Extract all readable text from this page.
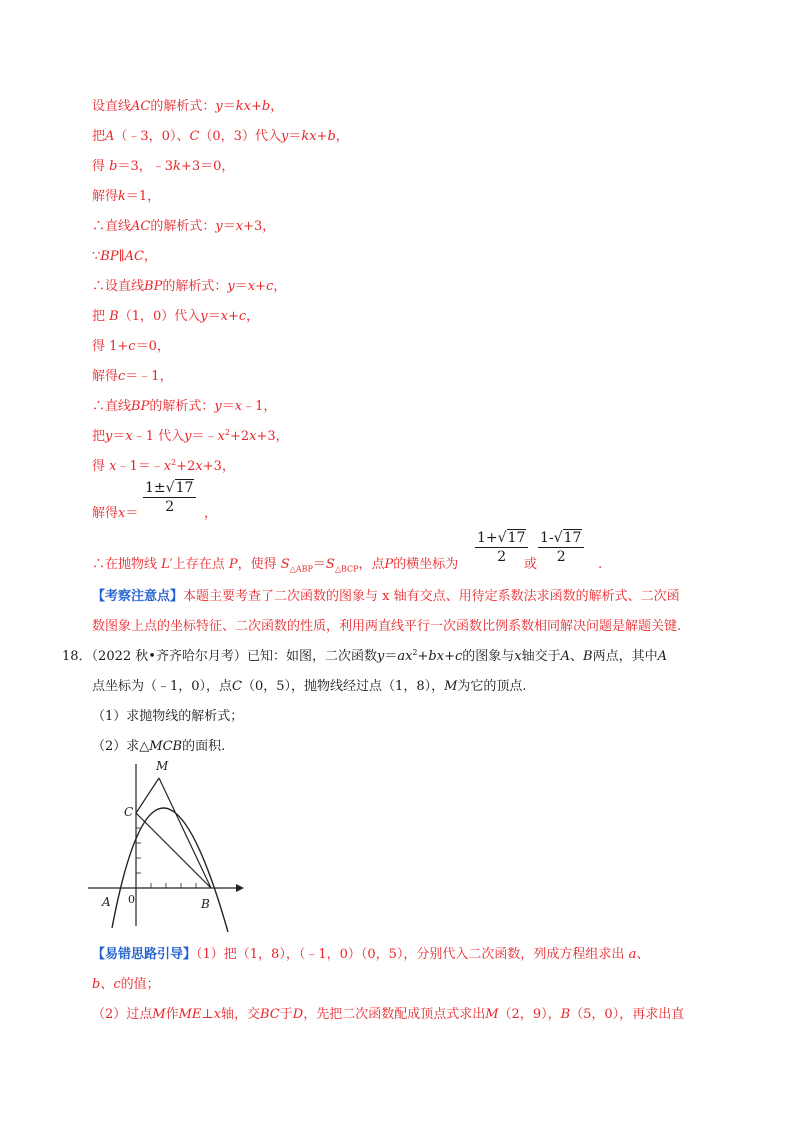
设直线AC的解析式：y＝kx+b，
把A（﹣3，0）、C（0，3）代入y＝kx+b，
得 b＝3，﹣3k+3＝0，
解得k＝1，
∴直线AC的解析式：y＝x+3，
∵BP∥AC，
∴设直线BP的解析式：y＝x+c，
把 B（1，0）代入y＝x+c，
得 1+c＝0，
解得c＝﹣1，
∴直线BP的解析式：y＝x﹣1，
把y＝x﹣1 代入$y=﹣x^2+2x+3$，
得 $x﹣1=﹣x^2+2x+3$，
解得x＝
1±√17
2	，
∴在抛物线 L′上存在点 P，使得 $S_{\triangle ABP}=S_{\triangle BCP}$，点P的横坐标为
1+√17
2	或
1-√17
2	.
【考察注意点】本题主要考查了二次函数的图象与 x 轴有交点、用待定系数法求函数的解析式、二次函
数图象上点的坐标特征、二次函数的性质，利用两直线平行一次函数比例系数相同解决问题是解题关键.
18．（2022 秋•齐齐哈尔月考）已知：如图，二次函数$y=ax^2+bx+c$的图象与x轴交于A、B两点，其中A
点坐标为（﹣1，0），点C（0，5），抛物线经过点（1，8），M为它的顶点.
（1）求抛物线的解析式；
（2）求△MCB的面积.
M
C
A 0	B
【易错思路引导】（1）把（1，8），（﹣1，0）（0，5），分别代入二次函数，列成方程组求出 a、
b、c的值；
（2）过点M作ME⊥x轴，交BC于D，先把二次函数配成顶点式求出M（2，9），B（5，0），再求出直
